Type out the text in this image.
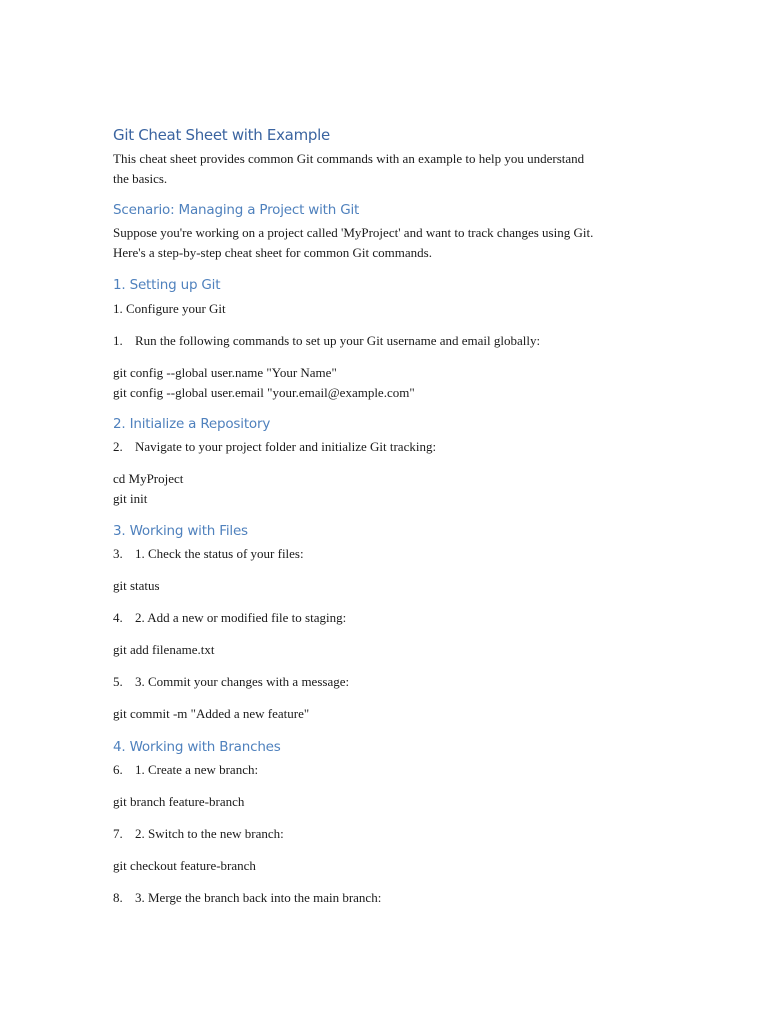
Git Cheat Sheet with Example
This cheat sheet provides common Git commands with an example to help you understand
the basics.
Scenario: Managing a Project with Git
Suppose you're working on a project called 'MyProject' and want to track changes using Git.
Here's a step-by-step cheat sheet for common Git commands.
1. Setting up Git
1. Configure your Git
1. Run the following commands to set up your Git username and email globally:
git config --global user.name "Your Name"
git config --global user.email "your.email@example.com"
2. Initialize a Repository
2. Navigate to your project folder and initialize Git tracking:
cd MyProject
git init
3. Working with Files
3. 1. Check the status of your files:
git status
4. 2. Add a new or modified file to staging:
git add filename.txt
5. 3. Commit your changes with a message:
git commit -m "Added a new feature"
4. Working with Branches
6. 1. Create a new branch:
git branch feature-branch
7. 2. Switch to the new branch:
git checkout feature-branch
8. 3. Merge the branch back into the main branch:
